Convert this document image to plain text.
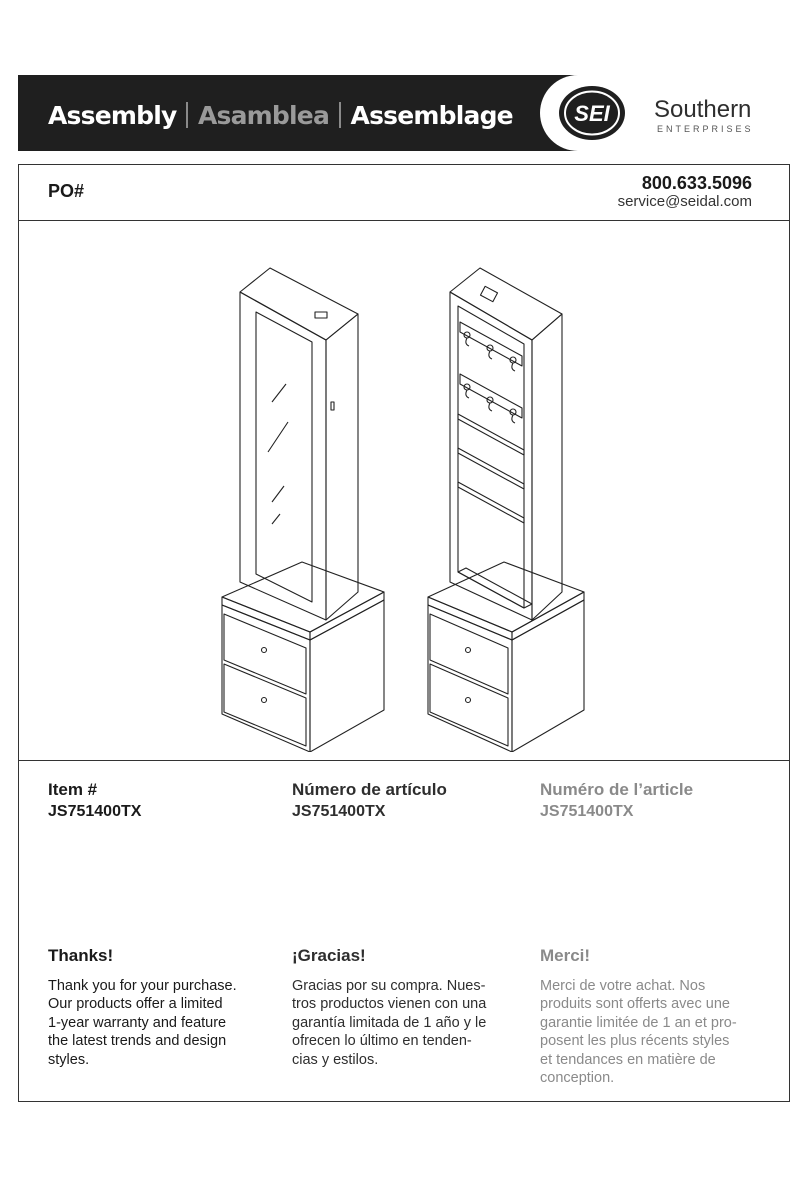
Assembly Asamblea Assemblage	SEI Southern
ENTERPRISES
PO#	800.633.5096
service@seidal.com

Item #

JS751400TX

Número de artículo

JS751400TX

Numéro de l’article

JS751400TX

Thanks!

Thank you for your purchase.
Our products offer a limited
1-year warranty and feature
the latest trends and design
styles.

¡Gracias!

Gracias por su compra. Nues-
tros productos vienen con una
garantía limitada de 1 año y le
ofrecen lo último en tenden-
cias y estilos.

Merci!

Merci de votre achat. Nos
produits sont offerts avec une
garantie limitée de 1 an et pro-
posent les plus récents styles
et tendances en matière de
conception.
